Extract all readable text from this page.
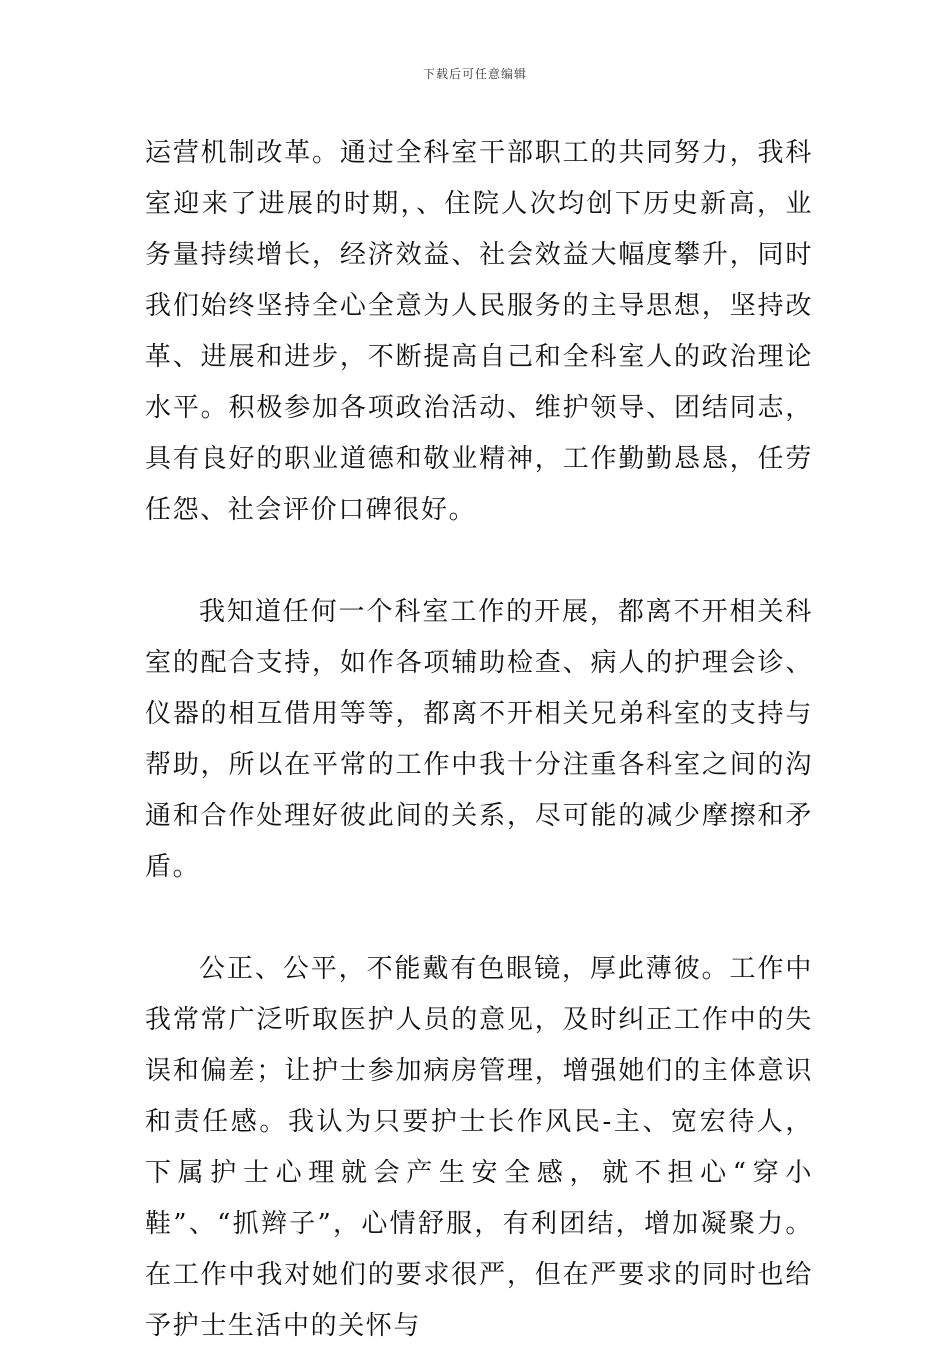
下载后可任意编辑

运营机制改革。通过全科室干部职工的共同努力，我科室迎来了进展的时期，、住院人次均创下历史新高，业务量持续增长，经济效益、社会效益大幅度攀升，同时我们始终坚持全心全意为人民服务的主导思想，坚持改革、进展和进步，不断提高自己和全科室人的政治理论水平。积极参加各项政治活动、维护领导、团结同志，具有良好的职业道德和敬业精神，工作勤勤恳恳，任劳任怨、社会评价口碑很好。

我知道任何一个科室工作的开展，都离不开相关科室的配合支持，如作各项辅助检查、病人的护理会诊、仪器的相互借用等等，都离不开相关兄弟科室的支持与帮助，所以在平常的工作中我十分注重各科室之间的沟通和合作处理好彼此间的关系，尽可能的减少摩擦和矛盾。

公正、公平，不能戴有色眼镜，厚此薄彼。工作中我常常广泛听取医护人员的意见，及时纠正工作中的失误和偏差；让护士参加病房管理，增强她们的主体意识和责任感。我认为只要护士长作风民-主、宽宏待人，下属护士心理就会产生安全感，就不担心“穿小鞋”、“抓辫子”，心情舒服，有利团结，增加凝聚力。在工作中我对她们的要求很严，但在严要求的同时也给予护士生活中的关怀与
